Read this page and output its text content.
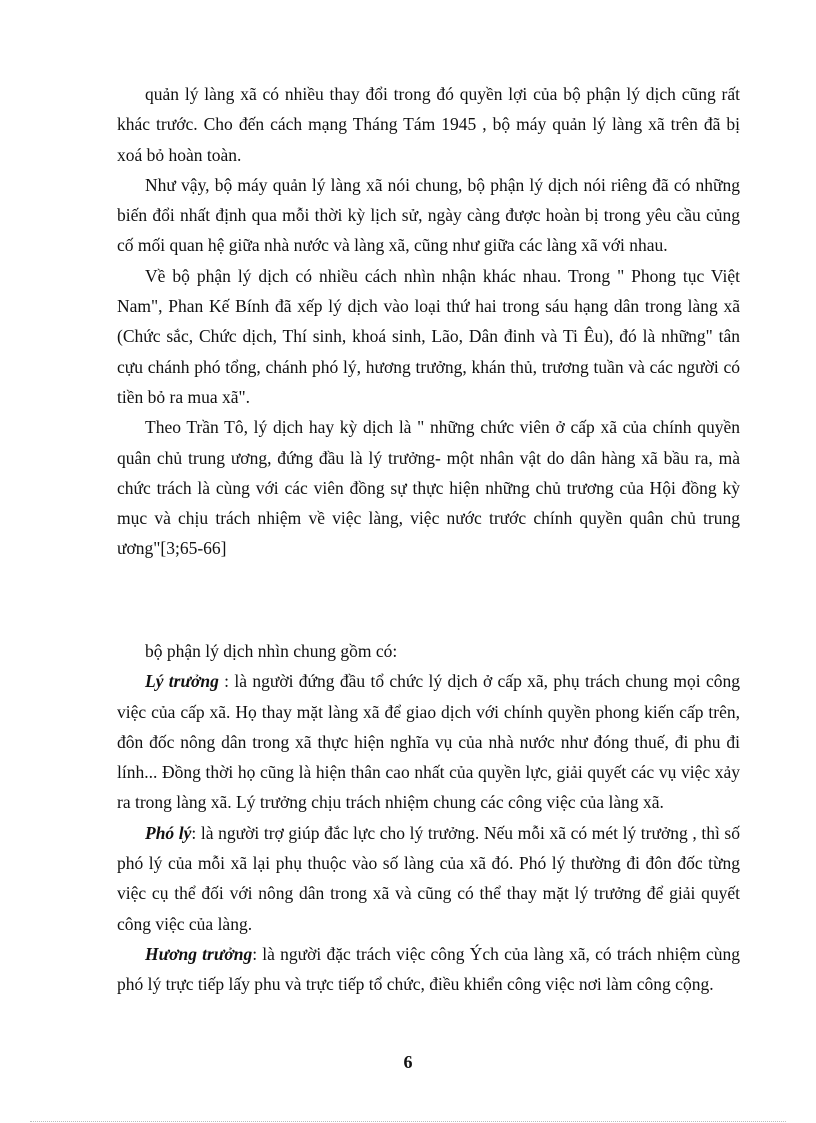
quản lý làng xã có nhiều thay đổi trong đó quyền lợi của bộ phận lý dịch cũng rất khác trước. Cho đến cách mạng Tháng Tám 1945 , bộ máy quản lý làng xã trên đã bị xoá bỏ hoàn toàn.

Như vậy, bộ máy quản lý làng xã nói chung, bộ phận lý dịch nói riêng đã có những biến đổi nhất định qua mỗi thời kỳ lịch sử, ngày càng được hoàn bị trong yêu cầu củng cố mối quan hệ giữa nhà nước và làng xã, cũng như giữa các làng xã với nhau.

Về bộ phận lý dịch có nhiều cách nhìn nhận khác nhau. Trong " Phong tục Việt Nam", Phan Kế Bính đã xếp lý dịch vào loại thứ hai trong sáu hạng dân trong làng xã (Chức sắc, Chức dịch, Thí sinh, khoá sinh, Lão, Dân đinh và Ti Êu), đó là những" tân cựu chánh phó tổng, chánh phó lý, hương trưởng, khán thủ, trương tuần và các người có tiền bỏ ra mua xã".

Theo Trần Tô, lý dịch hay kỳ dịch là " những chức viên ở cấp xã của chính quyền quân chủ trung ương, đứng đầu là lý trưởng- một nhân vật do dân hàng xã bầu ra, mà chức trách là cùng với các viên đồng sự thực hiện những chủ trương của Hội đồng kỳ mục và chịu trách nhiệm về việc làng, việc nước trước chính quyền quân chủ trung ương"[3;65-66]

bộ phận lý dịch nhìn chung gồm có:

Lý trưởng : là người đứng đầu tổ chức lý dịch ở cấp xã, phụ trách chung mọi công việc của cấp xã. Họ thay mặt làng xã để giao dịch với chính quyền phong kiến cấp trên, đôn đốc nông dân trong xã thực hiện nghĩa vụ của nhà nước như đóng thuế, đi phu đi lính... Đồng thời họ cũng là hiện thân cao nhất của quyền lực, giải quyết các vụ việc xảy ra trong làng xã. Lý trưởng chịu trách nhiệm chung các công việc của làng xã.

Phó lý: là người trợ giúp đắc lực cho lý trưởng. Nếu mỗi xã có mét lý trưởng , thì số phó lý của mỗi xã lại phụ thuộc vào số làng của xã đó. Phó lý thường đi đôn đốc từng việc cụ thể đối với nông dân trong xã và cũng có thể thay mặt lý trưởng để giải quyết công việc của làng.

Hương trưởng: là người đặc trách việc công Ých của làng xã, có trách nhiệm cùng phó lý trực tiếp lấy phu và trực tiếp tổ chức, điều khiển công việc nơi làm công cộng.

6
